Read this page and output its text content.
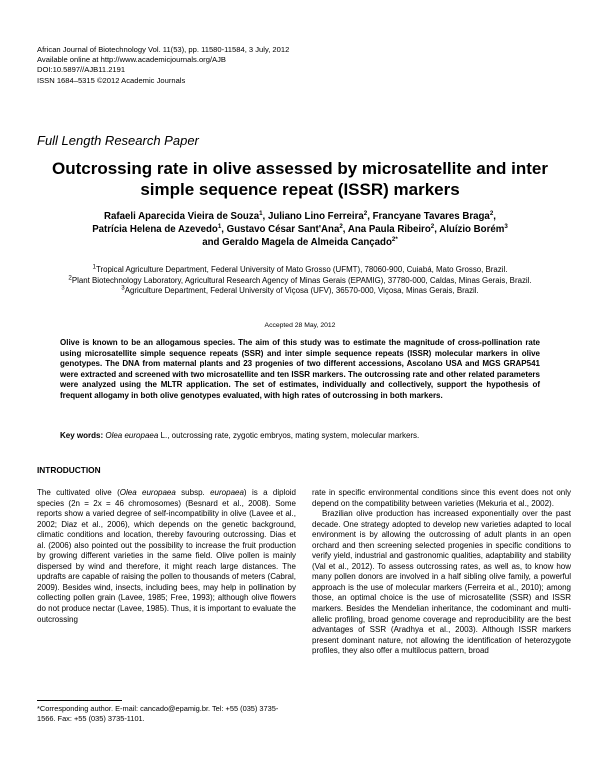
African Journal of Biotechnology Vol. 11(53), pp. 11580-11584, 3 July, 2012
Available online at http://www.academicjournals.org/AJB
DOI:10.5897//AJB11.2191
ISSN 1684–5315 ©2012 Academic Journals
Full Length Research Paper
Outcrossing rate in olive assessed by microsatellite and inter simple sequence repeat (ISSR) markers
Rafaeli Aparecida Vieira de Souza$^1$, Juliano Lino Ferreira$^2$, Francyane Tavares Braga$^2$,
Patrícia Helena de Azevedo$^1$, Gustavo César Sant'Ana$^2$, Ana Paula Ribeiro$^2$, Aluízio Borém$^3$
and Geraldo Magela de Almeida Cançado$^{2*}$
$^1$Tropical Agriculture Department, Federal University of Mato Grosso (UFMT), 78060-900, Cuiabá, Mato Grosso, Brazil.
$^2$Plant Biotechnology Laboratory, Agricultural Research Agency of Minas Gerais (EPAMIG), 37780-000, Caldas, Minas Gerais, Brazil.
$^3$Agriculture Department, Federal University of Viçosa (UFV), 36570-000, Viçosa, Minas Gerais, Brazil.
Accepted 28 May, 2012
Olive is known to be an allogamous species. The aim of this study was to estimate the magnitude of cross-pollination rate using microsatellite simple sequence repeats (SSR) and inter simple sequence repeats (ISSR) molecular markers in olive genotypes. The DNA from maternal plants and 23 progenies of two different accessions, Ascolano USA and MGS GRAP541 were extracted and screened with two microsatellite and ten ISSR markers. The outcrossing rate and other related parameters were analyzed using the MLTR application. The set of estimates, individually and collectively, support the hypothesis of frequent allogamy in both olive genotypes evaluated, with high rates of outcrossing in both markers.
Key words: Olea europaea L., outcrossing rate, zygotic embryos, mating system, molecular markers.
INTRODUCTION

The cultivated olive (Olea europaea subsp. europaea) is a diploid species (2n = 2x = 46 chromosomes) (Besnard et al., 2008). Some reports show a varied degree of self-incompatibility in olive (Lavee et al., 2002; Diaz et al., 2006), which depends on the genetic background, climatic conditions and location, thereby favouring outcrossing. Dias et al. (2006) also pointed out the possibility to increase the fruit production by growing different varieties in the same field. Olive pollen is mainly dispersed by wind and therefore, it might reach large distances. The updrafts are capable of raising the pollen to thousands of meters (Cabral, 2009). Besides wind, insects, including bees, may help in pollination by collecting pollen grain (Lavee, 1985; Free, 1993); although olive flowers do not produce nectar (Lavee, 1985). Thus, it is important to evaluate the outcrossing

rate in specific environmental conditions since this event does not only depend on the compatibility between varieties (Mekuria et al., 2002).

Brazilian olive production has increased exponentially over the past decade. One strategy adopted to develop new varieties adapted to local environment is by allowing the outcrossing of adult plants in an open orchard and then screening selected progenies in specific conditions to verify yield, industrial and gastronomic qualities, adaptability and stability (Val et al., 2012). To assess outcrossing rates, as well as, to know how many pollen donors are involved in a half sibling olive family, a powerful approach is the use of molecular markers (Ferreira et al., 2010); among those, an optimal choice is the use of microsatellite (SSR) and ISSR markers. Besides the Mendelian inheritance, the codominant and multi-allelic profiling, broad genome coverage and reproducibility are the best advantages of SSR (Aradhya et al., 2003). Although ISSR markers present dominant nature, not allowing the identification of heterozygote profiles, they also offer a multilocus pattern, broad

*Corresponding author. E-mail: cancado@epamig.br. Tel: +55 (035) 3735-1566. Fax: +55 (035) 3735-1101.
